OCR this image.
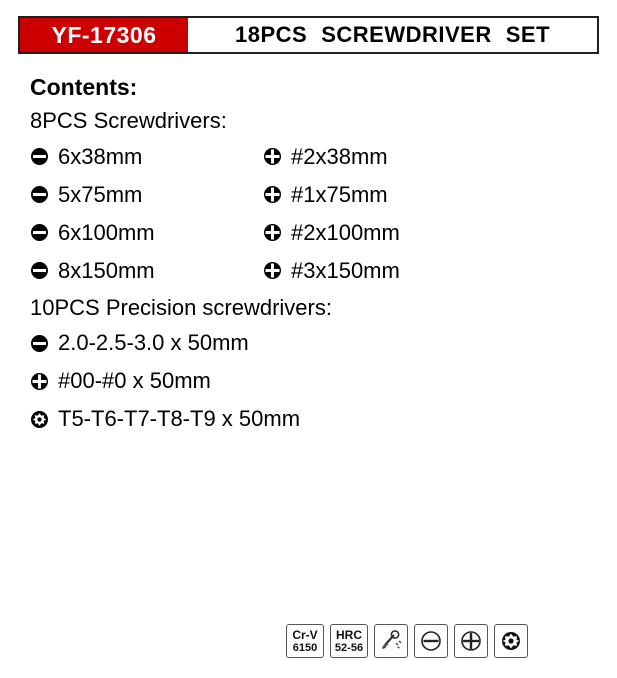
YF-17306	18PCS SCREWDRIVER SET
Contents:
8PCS Screwdrivers:
6x38mm	#2x38mm
5x75mm	#1x75mm
6x100mm	#2x100mm
8x150mm	#3x150mm
10PCS Precision screwdrivers:
2.0-2.5-3.0 x 50mm
#00-#0 x 50mm
T5-T6-T7-T8-T9 x 50mm
Cr-V
6150
HRC
52-56
